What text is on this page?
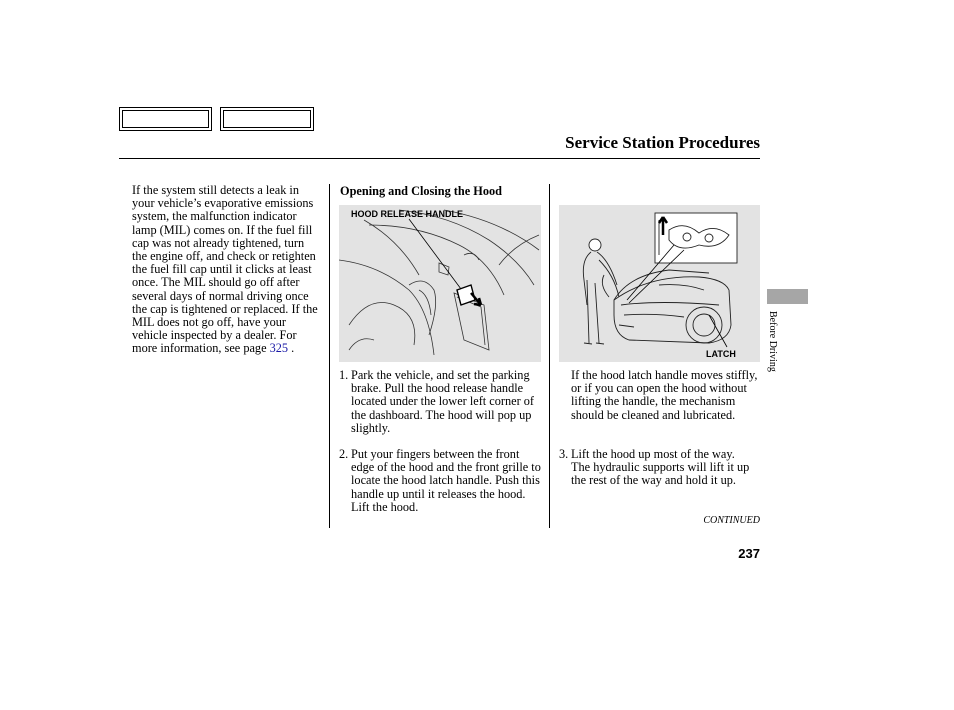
Service Station Procedures
If the system still detects a leak in your vehicle’s evaporative emissions system, the malfunction indicator lamp (MIL) comes on. If the fuel fill cap was not already tightened, turn the engine off, and check or retighten the fuel fill cap until it clicks at least once. The MIL should go off after several days of normal driving once the cap is tightened or replaced. If the MIL does not go off, have your vehicle inspected by a dealer. For more information, see page 325 .
Opening and Closing the Hood
HOOD RELEASE HANDLE
LATCH
1. Park the vehicle, and set the parking brake. Pull the hood release handle located under the lower left corner of the dashboard. The hood will pop up slightly.
2. Put your fingers between the front edge of the hood and the front grille to locate the hood latch handle. Push this handle up until it releases the hood. Lift the hood.
If the hood latch handle moves stiffly, or if you can open the hood without lifting the handle, the mechanism should be cleaned and lubricated.
3. Lift the hood up most of the way. The hydraulic supports will lift it up the rest of the way and hold it up.
CONTINUED
237
Before Driving
